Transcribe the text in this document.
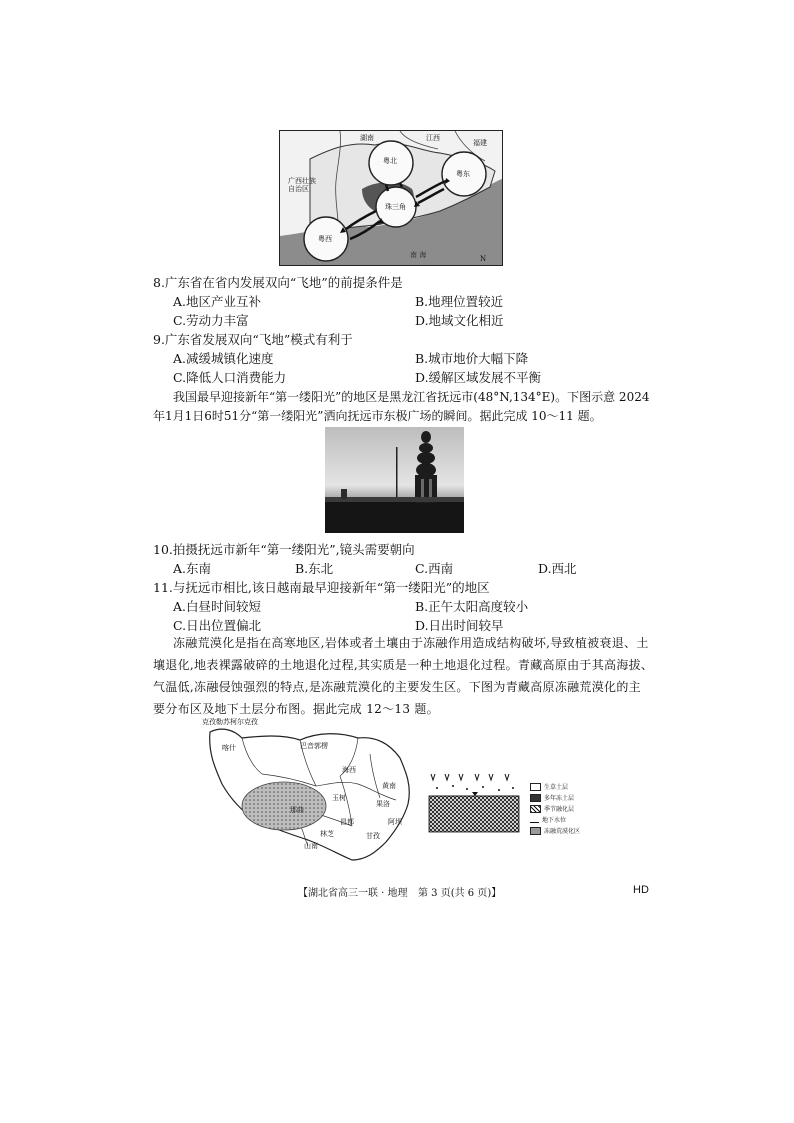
N
湖南	江西
福建
广西壮族自治区
粤北
粤东
珠三角
粤西
南 海
8.广东省在省内发展双向“飞地”的前提条件是
A.地区产业互补	B.地理位置较近
C.劳动力丰富	D.地域文化相近
9.广东省发展双向“飞地”模式有利于
A.减缓城镇化速度	B.城市地价大幅下降
C.降低人口消费能力	D.缓解区域发展不平衡
我国最早迎接新年“第一缕阳光”的地区是黑龙江省抚远市(48°N,134°E)。下图示意 2024
年1月1日6时51分“第一缕阳光”洒向抚远市东极广场的瞬间。据此完成 10～11 题。
10.拍摄抚远市新年“第一缕阳光”,镜头需要朝向
A.东南	B.东北	C.西南	D.西北
11.与抚远市相比,该日越南最早迎接新年“第一缕阳光”的地区
A.白昼时间较短	B.正午太阳高度较小
C.日出位置偏北	D.日出时间较早
冻融荒漠化是指在高寒地区,岩体或者土壤由于冻融作用造成结构破坏,导致植被衰退、土
壤退化,地表裸露破碎的土地退化过程,其实质是一种土地退化过程。青藏高原由于其高海拔、
气温低,冻融侵蚀强烈的特点,是冻融荒漠化的主要发生区。下图为青藏高原冻融荒漠化的主
要分布区及地下土层分布图。据此完成 12～13 题。
克孜勒苏柯尔克孜
喀什	巴音郭楞
海西
玉树
那曲
昌都
林芝
山南
甘孜
阿坝
黄南
果洛
生草土层
多年冻土层
季节融化层
地下水位
冻融荒漠化区
【湖北省高三一联 · 地理 第 3 页(共 6 页)】	HD
